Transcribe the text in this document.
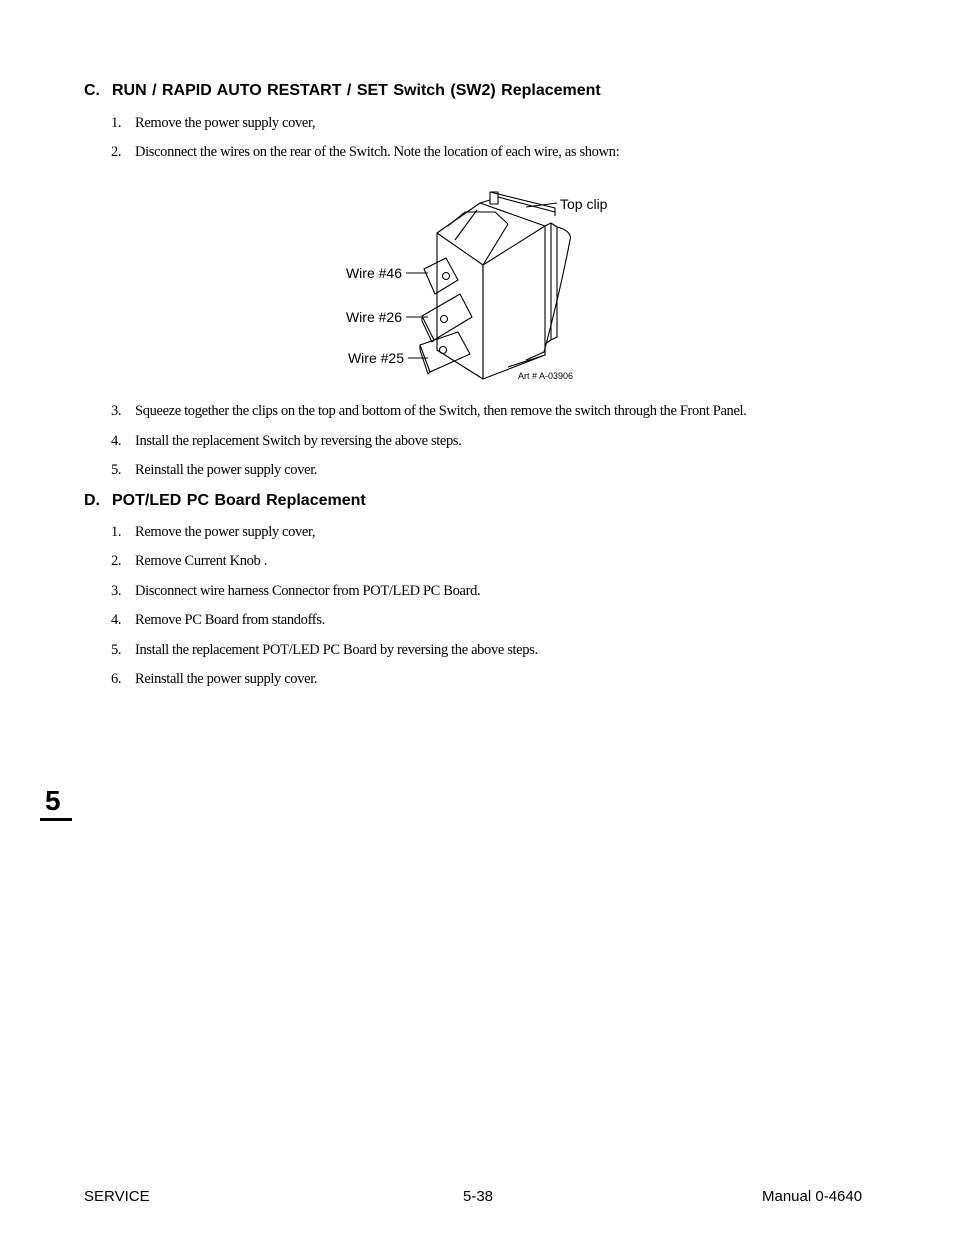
C. RUN / RAPID AUTO RESTART / SET Switch (SW2) Replacement
1. Remove the power supply cover,
2. Disconnect the wires on the rear of the Switch. Note the location of each wire, as shown:
Top clip
Wire #46
Wire #26
Wire #25
Art # A-03906
3. Squeeze together the clips on the top and bottom of the Switch, then remove the switch through the Front Panel.
4. Install the replacement Switch by reversing the above steps.
5. Reinstall the power supply cover.
D. POT/LED PC Board Replacement
1. Remove the power supply cover,
2. Remove Current Knob .
3. Disconnect wire harness Connector from POT/LED PC Board.
4. Remove PC Board from standoffs.
5. Install the replacement POT/LED PC Board by reversing the above steps.
6. Reinstall the power supply cover.
5
SERVICE	5-38	Manual 0-4640
